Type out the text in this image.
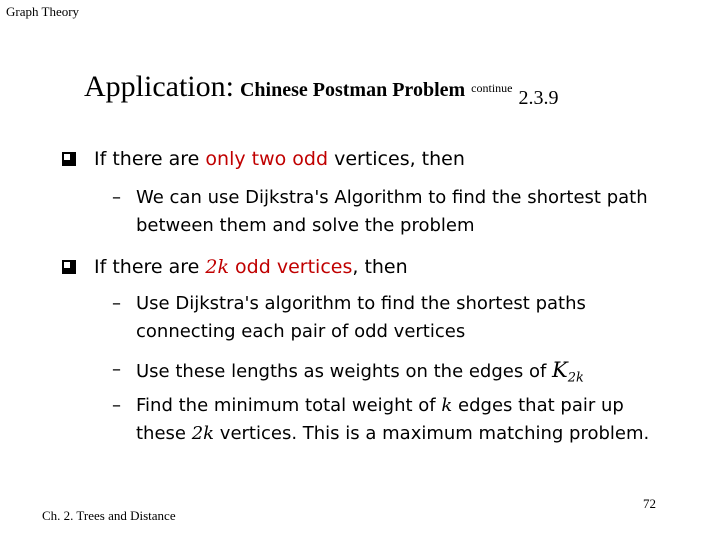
Graph Theory
Application: Chinese Postman Problem $^{continue}$ 2.3.9
If there are only two odd vertices, then
– We can use Dijkstra's Algorithm to find the shortest path between them and solve the problem
If there are 2k odd vertices, then
– Use Dijkstra's algorithm to find the shortest paths connecting each pair of odd vertices
– Use these lengths as weights on the edges of $K_{2k}$
– Find the minimum total weight of k edges that pair up these 2k vertices. This is a maximum matching problem.
Ch. 2. Trees and Distance
72
